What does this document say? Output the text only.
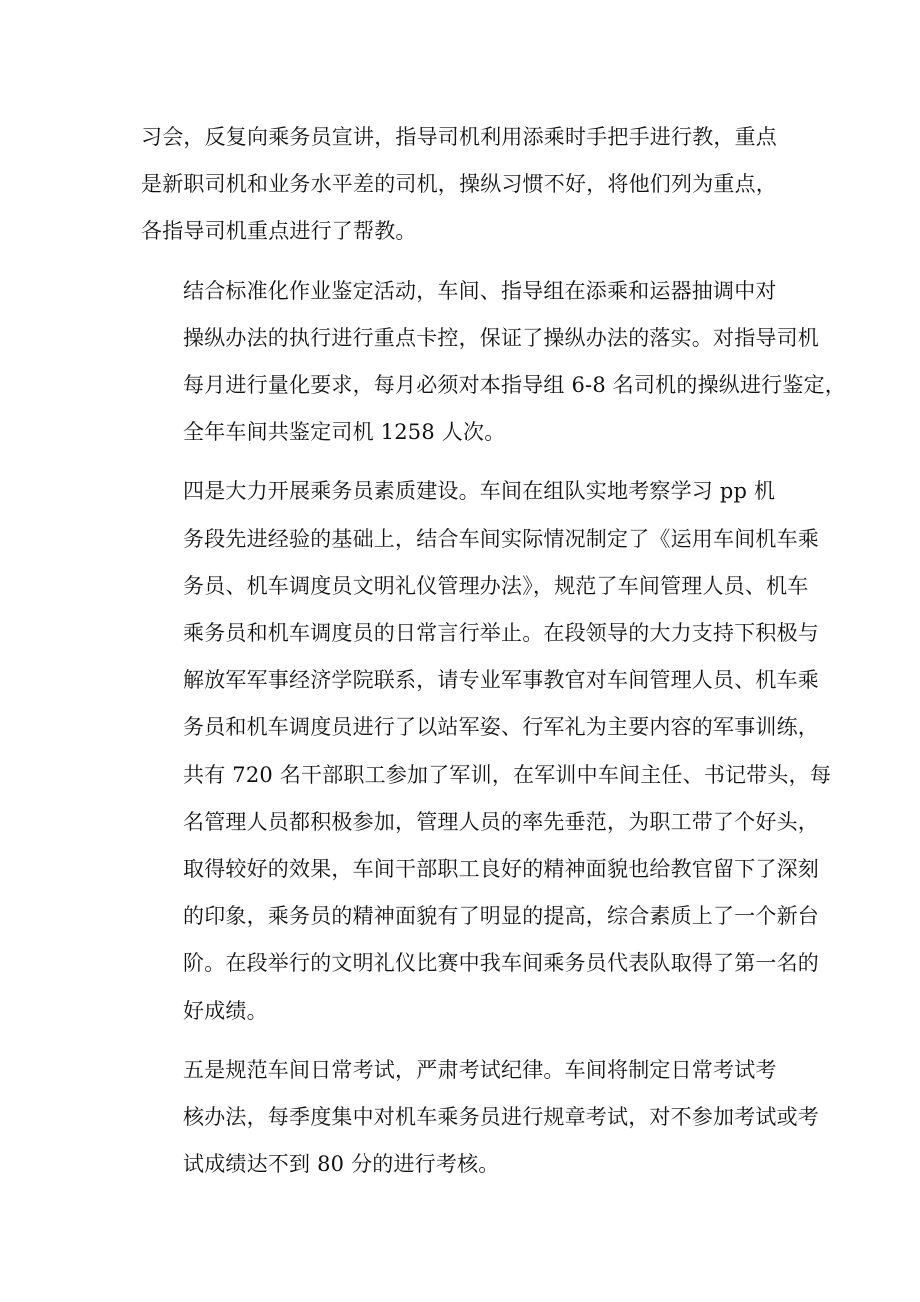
习会，反复向乘务员宣讲，指导司机利用添乘时手把手进行教，重点
是新职司机和业务水平差的司机，操纵习惯不好，将他们列为重点，
各指导司机重点进行了帮教。

结合标准化作业鉴定活动，车间、指导组在添乘和运器抽调中对
操纵办法的执行进行重点卡控，保证了操纵办法的落实。对指导司机
每月进行量化要求，每月必须对本指导组 6-8 名司机的操纵进行鉴定，
全年车间共鉴定司机 1258 人次。

四是大力开展乘务员素质建设。车间在组队实地考察学习 pp 机
务段先进经验的基础上，结合车间实际情况制定了《运用车间机车乘
务员、机车调度员文明礼仪管理办法》，规范了车间管理人员、机车
乘务员和机车调度员的日常言行举止。在段领导的大力支持下积极与
解放军军事经济学院联系，请专业军事教官对车间管理人员、机车乘
务员和机车调度员进行了以站军姿、行军礼为主要内容的军事训练，
共有 720 名干部职工参加了军训，在军训中车间主任、书记带头，每
名管理人员都积极参加，管理人员的率先垂范，为职工带了个好头，
取得较好的效果，车间干部职工良好的精神面貌也给教官留下了深刻
的印象，乘务员的精神面貌有了明显的提高，综合素质上了一个新台
阶。在段举行的文明礼仪比赛中我车间乘务员代表队取得了第一名的
好成绩。

五是规范车间日常考试，严肃考试纪律。车间将制定日常考试考
核办法，每季度集中对机车乘务员进行规章考试，对不参加考试或考
试成绩达不到 80 分的进行考核。
